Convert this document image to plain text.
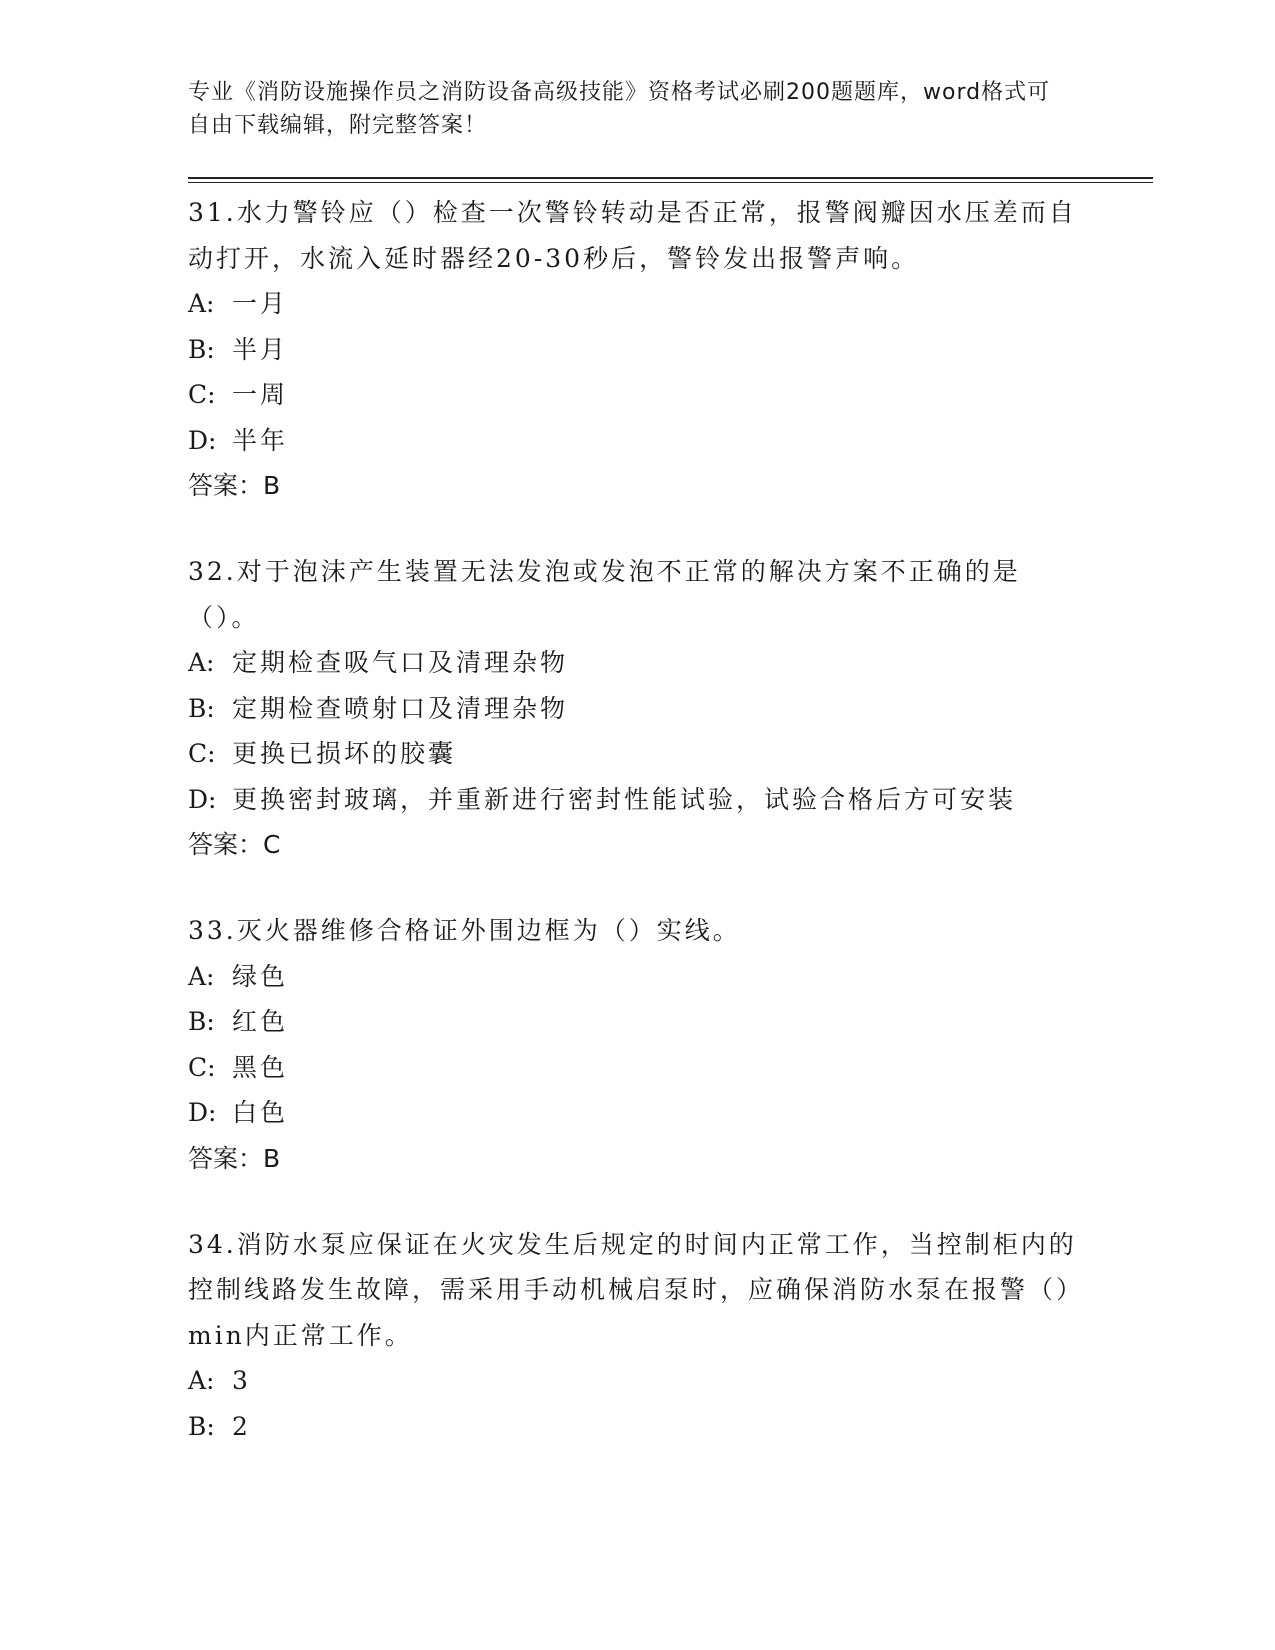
专业《消防设施操作员之消防设备高级技能》资格考试必刷200题题库，word格式可自由下载编辑，附完整答案！
31.水力警铃应（）检查一次警铃转动是否正常，报警阀瓣因水压差而自动打开，水流入延时器经20-30秒后，警铃发出报警声响。
A: 一月
B: 半月
C: 一周
D: 半年
答案：B
32.对于泡沫产生装置无法发泡或发泡不正常的解决方案不正确的是（）。
A: 定期检查吸气口及清理杂物
B: 定期检查喷射口及清理杂物
C: 更换已损坏的胶囊
D: 更换密封玻璃，并重新进行密封性能试验，试验合格后方可安装
答案：C
33.灭火器维修合格证外围边框为（）实线。
A: 绿色
B: 红色
C: 黑色
D: 白色
答案：B
34.消防水泵应保证在火灾发生后规定的时间内正常工作，当控制柜内的控制线路发生故障，需采用手动机械启泵时，应确保消防水泵在报警（）min内正常工作。
A: 3
B: 2
